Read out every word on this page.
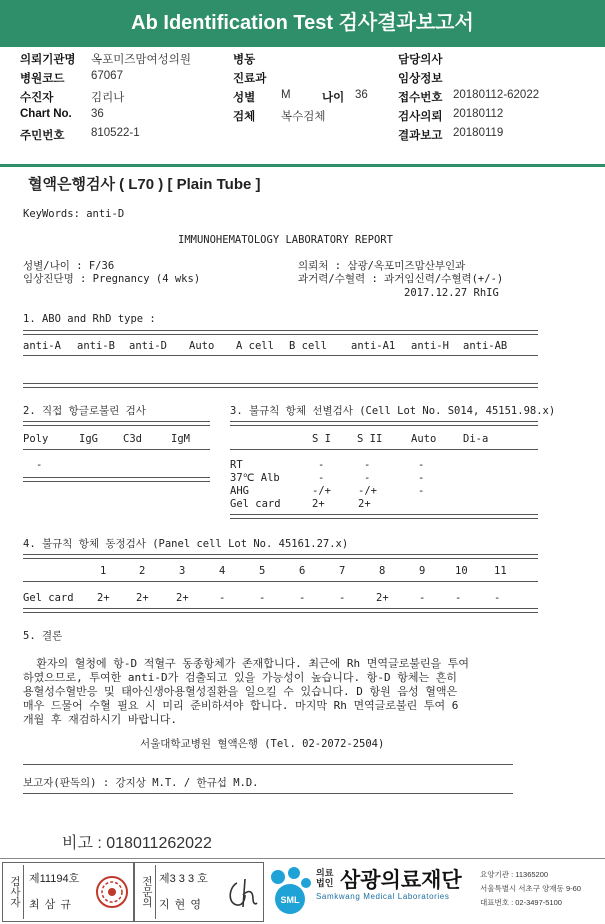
Ab Identification Test 검사결과보고서
의뢰기관명 옥포미즈맘여성의원
병원코드 67067
수진자	김리나
Chart No. 36
주민번호 810522-1
병동
진료과
성별 M
검체 복수검체
나이 36
담당의사
임상정보
접수번호 20180112-62022
검사의뢰 20180112
결과보고 20180119
혈액은행검사 ( L70 ) [ Plain Tube ]
KeyWords: anti-D
IMMUNOHEMATOLOGY LABORATORY REPORT
성별/나이 : F/36
임상진단명 : Pregnancy (4 wks)
의뢰처 : 삼광/옥포미즈맘산부인과
과거력/수혈력 : 과거임신력/수혈력(+/-)
2017.12.27 RhIG
1. ABO and RhD type :
anti-A anti-B anti-D Auto A cell B cell anti-A1 anti-H anti-AB
2. 직접 항글로불린 검사
Poly	IgG C3d	IgM
-
3. 불규칙 항체 선별검사 (Cell Lot No. S014, 45151.98.x)
S I S II	Auto	Di-a
RT	-	-	-
37℃ Alb	-	-	-
AHG	-/+	-/+	-
Gel card	2+	2+
4. 불규칙 항체 동정검사 (Panel cell Lot No. 45161.27.x)
1	2	3	4	5	6	7	8	9	10	11
Gel card 2+	2+	2+	-	-	-	-	2+	-	-	-
5. 결론
환자의 혈청에 항-D 적혈구 동종항체가 존재합니다. 최근에 Rh 면역글로불린을 투여
하였으므로, 투여한 anti-D가 검출되고 있을 가능성이 높습니다. 항-D 항체는 흔히
용혈성수혈반응 및 태아신생아용혈성질환을 일으킬 수 있습니다. D 항원 음성 혈액은
매우 드물어 수혈 필요 시 미리 준비하셔야 합니다. 마지막 Rh 면역글로불린 투여 6
개월 후 재검하시기 바랍니다.
서울대학교병원 혈액은행 (Tel. 02-2072-2504)
보고자(판독의) : 강지상 M.T. / 한규섭 M.D.
비고 : 018011262022
검사자 제11194호
최 삼 규	전문의 제3 3 3 호
지 현 영	SML
의료
법인 삼광의료재단
Samkwang Medical Laboratories
요양기관 : 11365200
서울특별시 서초구 양재동 9-60
대표번호 : 02-3497-5100
